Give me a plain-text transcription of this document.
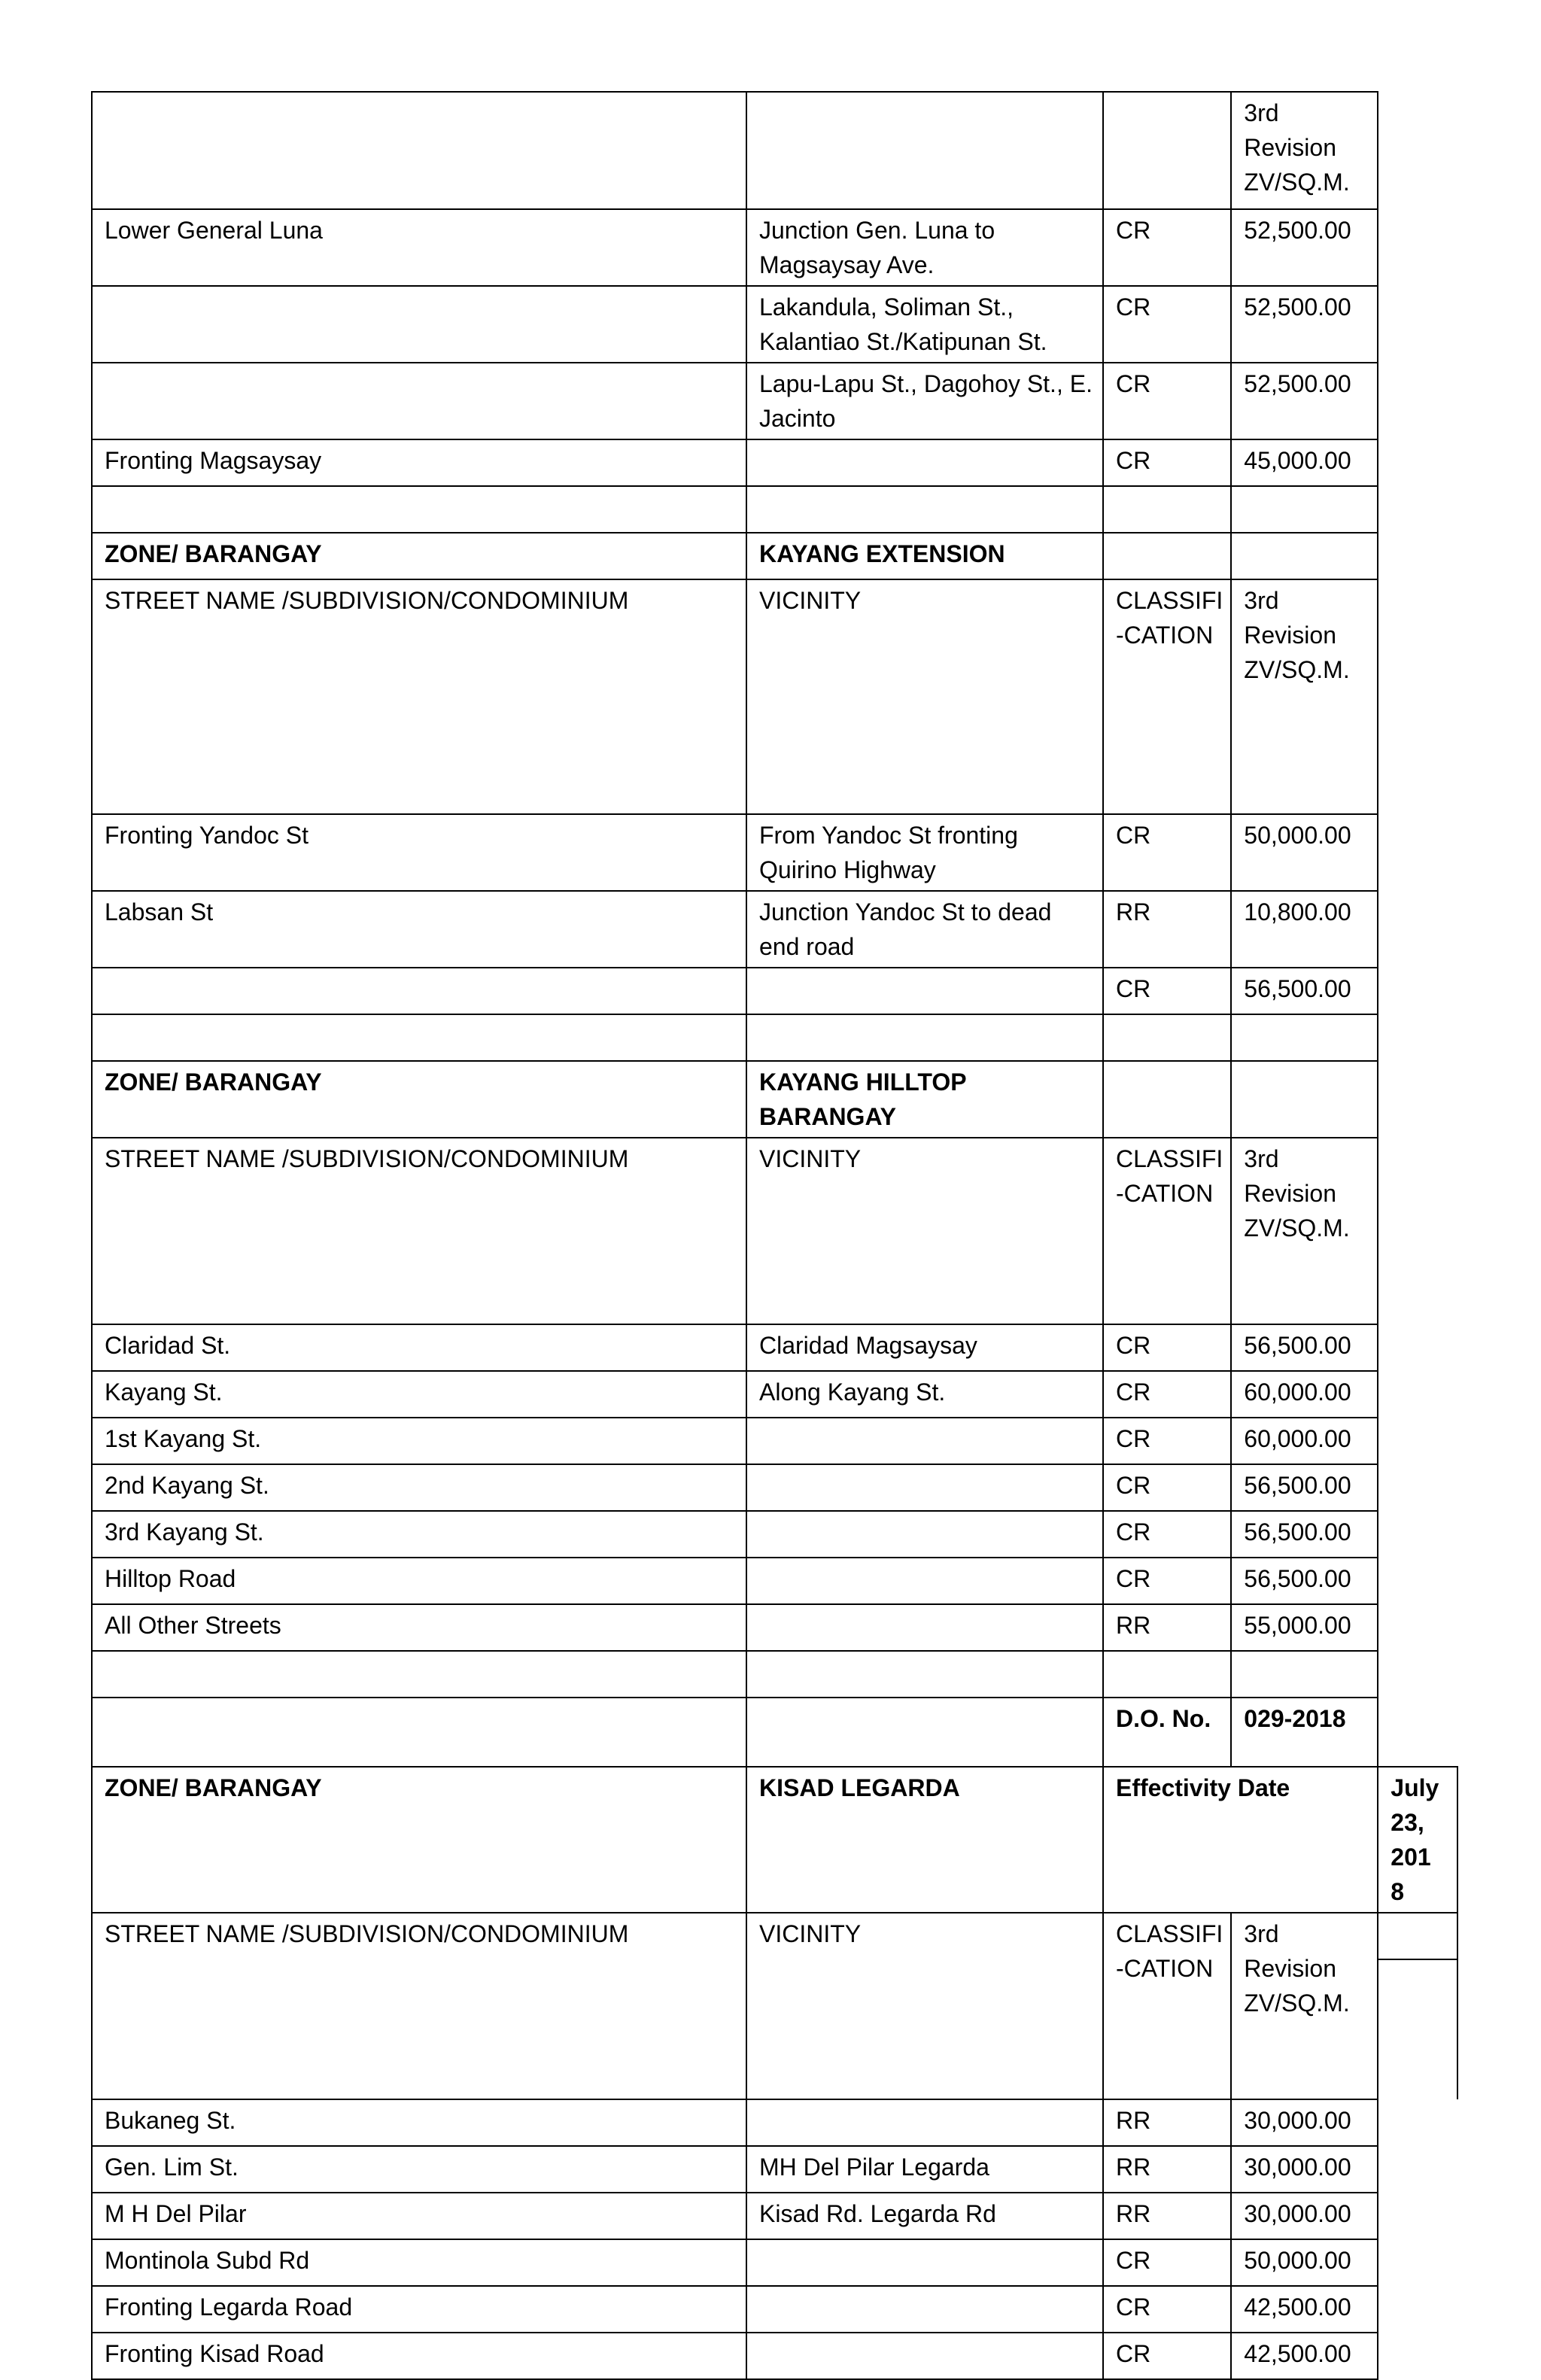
			3rd Revision ZV/SQ.M.	
Lower General Luna	Junction Gen. Luna to Magsaysay Ave.	CR	52,500.00	
	Lakandula, Soliman St., Kalantiao St./Katipunan St.	CR	52,500.00	
	Lapu-Lapu St., Dagohoy St., E. Jacinto	CR	52,500.00	
Fronting Magsaysay		CR	45,000.00	

ZONE/ BARANGAY	KAYANG EXTENSION			
STREET NAME /SUBDIVISION/CONDOMINIUM	VICINITY	CLASSIFI -CATION	3rd Revision ZV/SQ.M.	
Fronting Yandoc St	From Yandoc St fronting Quirino Highway	CR	50,000.00	
Labsan St	Junction Yandoc St to dead end road	RR	10,800.00	
		CR	56,500.00	

ZONE/ BARANGAY	KAYANG HILLTOP BARANGAY			
STREET NAME /SUBDIVISION/CONDOMINIUM	VICINITY	CLASSIFI -CATION	3rd Revision ZV/SQ.M.	
Claridad St.	Claridad Magsaysay	CR	56,500.00	
Kayang St.	Along Kayang St.	CR	60,000.00	
1st Kayang St.		CR	60,000.00	
2nd Kayang St.		CR	56,500.00	
3rd Kayang St.		CR	56,500.00	
Hilltop Road		CR	56,500.00	
All Other Streets		RR	55,000.00	

		D.O. No.	029-2018	
ZONE/ BARANGAY	KISAD LEGARDA	Effectivity Date		July 23, 201 8
STREET NAME /SUBDIVISION/CONDOMINIUM	VICINITY	CLASSIFI -CATION	3rd Revision ZV/SQ.M.	

Bukaneg St.		RR	30,000.00	
Gen. Lim St.	MH Del Pilar Legarda	RR	30,000.00	
M H Del Pilar	Kisad Rd. Legarda Rd	RR	30,000.00	
Montinola Subd Rd		CR	50,000.00	
Fronting Legarda Road		CR	42,500.00	
Fronting Kisad Road		CR	42,500.00	
